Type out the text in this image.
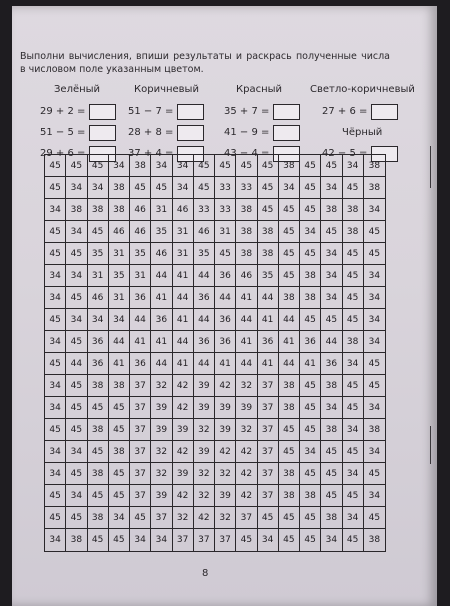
Выполни вычисления, впиши результаты и раскрась полученные числа в числовом поле указанным цветом.
Зелёный
29 + 2 =
51 − 5 =
29 + 6 =
Коричневый
51 − 7 =
28 + 8 =
37 + 4 =
Красный
35 + 7 =
41 − 9 =
43 − 4 =
Светло-коричневый
27 + 6 =
Чёрный
42 − 5 =
45	45	45	34	38	34	34	45	45	45	45	38	45	45	34	38
45	34	34	38	45	45	34	45	33	33	45	34	45	34	45	38
34	38	38	38	46	31	46	33	33	38	45	45	45	38	38	34
45	34	45	46	46	35	31	46	31	38	38	45	34	45	38	45
45	45	35	31	35	46	31	35	45	38	38	45	45	34	45	45
34	34	31	35	31	44	41	44	36	46	35	45	38	34	45	34
34	45	46	31	36	41	44	36	44	41	44	38	38	34	45	34
45	34	34	34	44	36	41	44	36	44	41	44	45	45	45	34
34	45	36	44	41	41	44	36	36	41	36	41	36	44	38	34
45	44	36	41	36	44	41	44	41	44	41	44	41	36	34	45
34	45	38	38	37	32	42	39	42	32	37	38	45	38	45	45
34	45	45	45	37	39	42	39	39	39	37	38	45	34	45	34
45	45	38	45	37	39	39	32	39	32	37	45	45	38	34	38
34	34	45	38	37	32	42	39	42	42	37	45	34	45	45	34
34	45	38	45	37	32	39	32	32	42	37	38	45	45	34	45
45	34	45	45	37	39	42	32	39	42	37	38	38	45	45	34
45	45	38	34	45	37	32	42	32	37	45	45	45	38	34	45
34	38	45	45	34	34	37	37	37	45	34	45	45	34	45	38
8
